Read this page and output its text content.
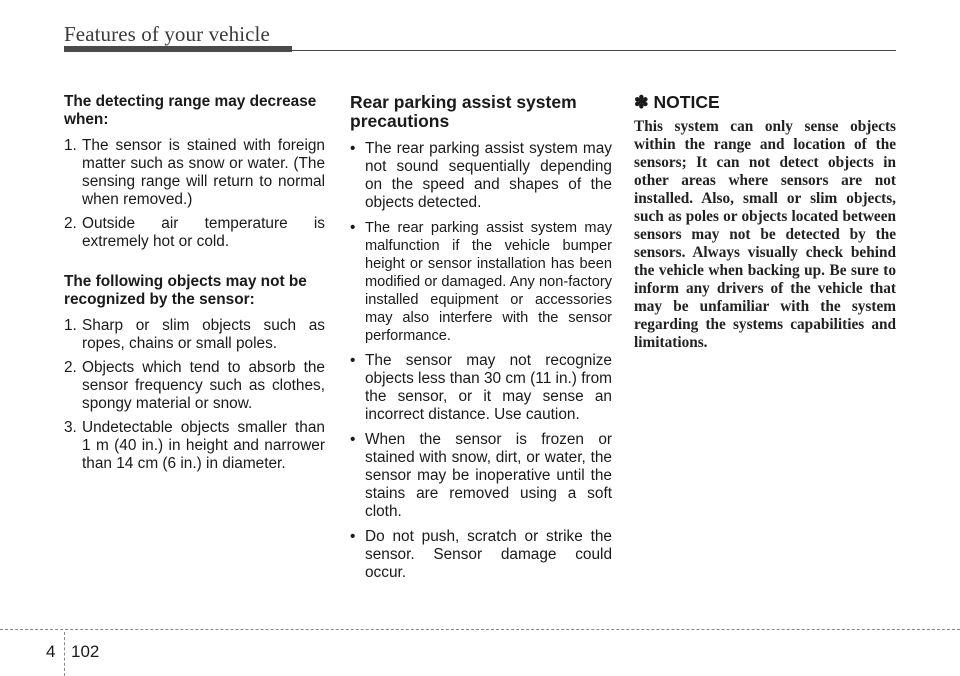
Features of your vehicle

The detecting range may decrease when:

1. The sensor is stained with foreign matter such as snow or water. (The sensing range will return to normal when removed.)
2. Outside air temperature is extremely hot or cold.

The following objects may not be recognized by the sensor:

1. Sharp or slim objects such as ropes, chains or small poles.
2. Objects which tend to absorb the sensor frequency such as clothes, spongy material or snow.
3. Undetectable objects smaller than 1 m (40 in.) in height and narrower than 14 cm (6 in.) in diameter.
Rear parking assist system precautions
• The rear parking assist system may not sound sequentially depending on the speed and shapes of the objects detected.
• The rear parking assist system may malfunction if the vehicle bumper height or sensor installation has been modified or damaged. Any non-factory installed equipment or accessories may also interfere with the sensor performance.
• The sensor may not recognize objects less than 30 cm (11 in.) from the sensor, or it may sense an incorrect distance. Use caution.
• When the sensor is frozen or stained with snow, dirt, or water, the sensor may be inoperative until the stains are removed using a soft cloth.
• Do not push, scratch or strike the sensor. Sensor damage could occur.
✽ NOTICE
This system can only sense objects within the range and location of the sensors; It can not detect objects in other areas where sensors are not installed. Also, small or slim objects, such as poles or objects located between sensors may not be detected by the sensors. Always visually check behind the vehicle when backing up. Be sure to inform any drivers of the vehicle that may be unfamiliar with the system regarding the systems capabilities and limitations.
4 102
